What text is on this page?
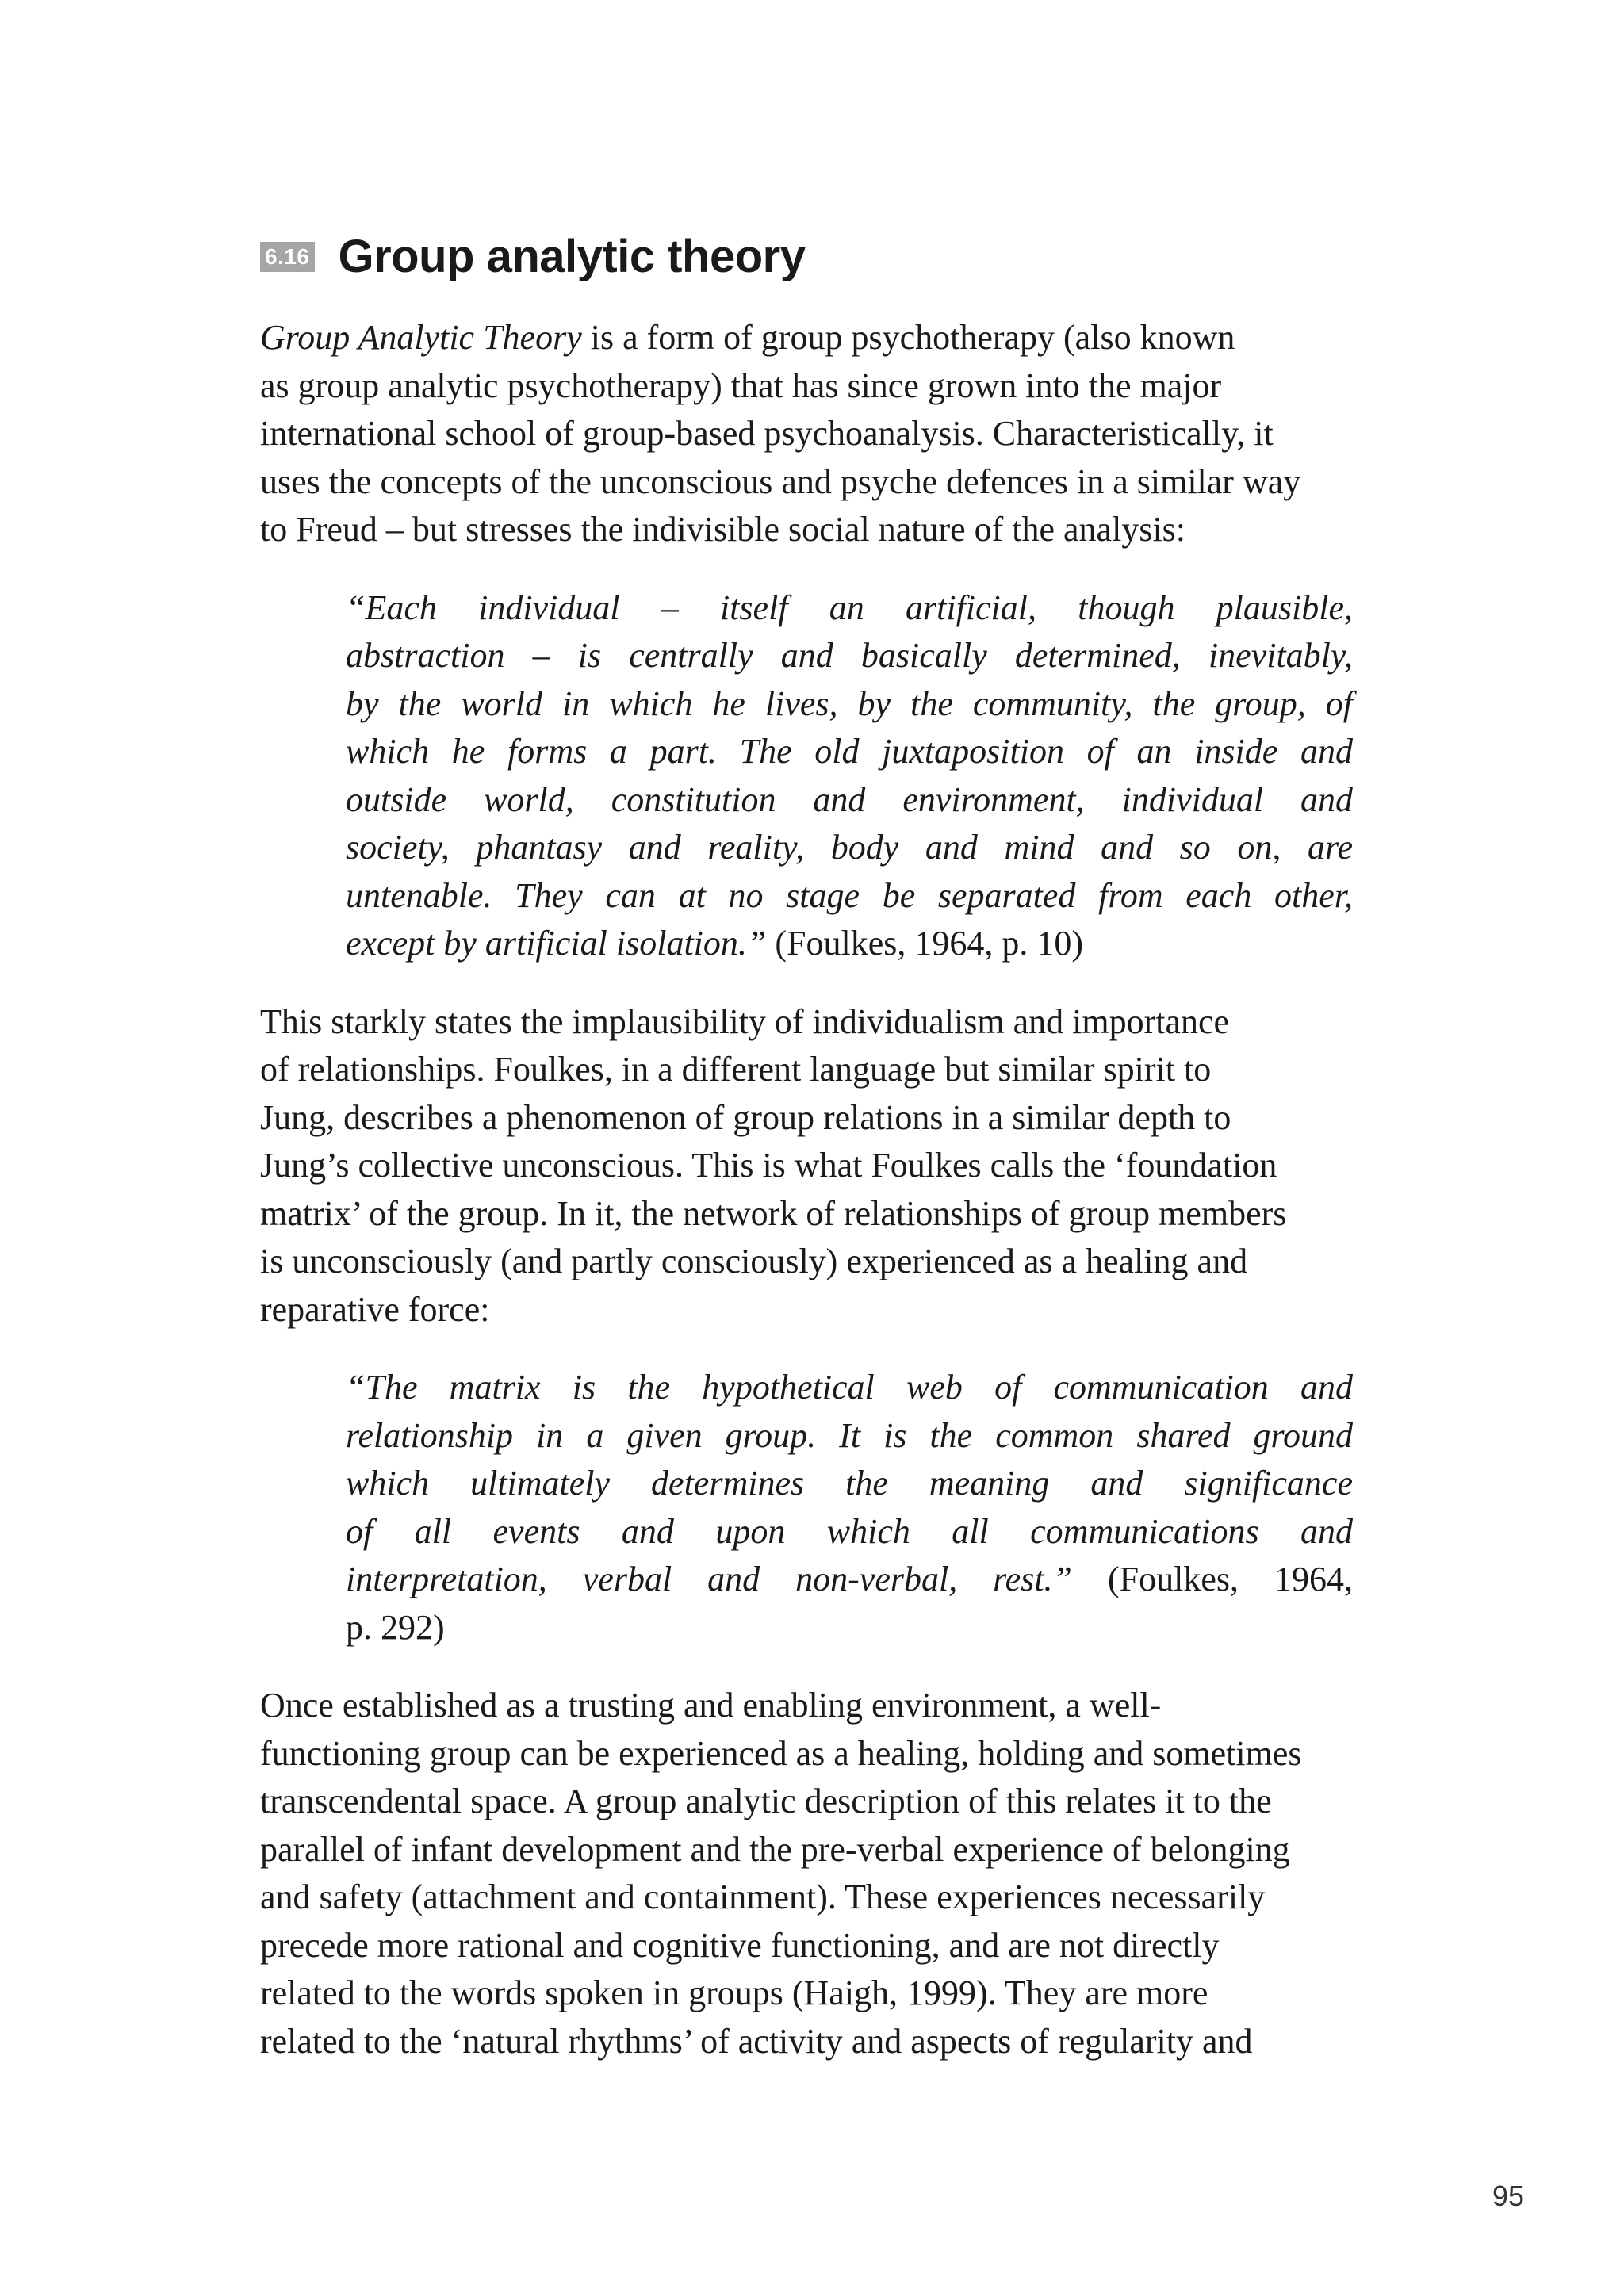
6.16 Group analytic theory

Group Analytic Theory is a form of group psychotherapy (also known
as group analytic psychotherapy) that has since grown into the major
international school of group-based psychoanalysis. Characteristically, it
uses the concepts of the unconscious and psyche defences in a similar way
to Freud – but stresses the indivisible social nature of the analysis:

“Each individual – itself an artificial, though plausible,
abstraction – is centrally and basically determined, inevitably,
by the world in which he lives, by the community, the group, of
which he forms a part. The old juxtaposition of an inside and
outside world, constitution and environment, individual and
society, phantasy and reality, body and mind and so on, are
untenable. They can at no stage be separated from each other,
except by artificial isolation.” (Foulkes, 1964, p. 10)

This starkly states the implausibility of individualism and importance
of relationships. Foulkes, in a different language but similar spirit to
Jung, describes a phenomenon of group relations in a similar depth to
Jung’s collective unconscious. This is what Foulkes calls the ‘foundation
matrix’ of the group. In it, the network of relationships of group members
is unconsciously (and partly consciously) experienced as a healing and
reparative force:

“The matrix is the hypothetical web of communication and
relationship in a given group. It is the common shared ground
which ultimately determines the meaning and significance
of all events and upon which all communications and
interpretation, verbal and non-verbal, rest.” (Foulkes, 1964,
p. 292)

Once established as a trusting and enabling environment, a well-
functioning group can be experienced as a healing, holding and sometimes
transcendental space. A group analytic description of this relates it to the
parallel of infant development and the pre-verbal experience of belonging
and safety (attachment and containment). These experiences necessarily
precede more rational and cognitive functioning, and are not directly
related to the words spoken in groups (Haigh, 1999). They are more
related to the ‘natural rhythms’ of activity and aspects of regularity and

95
